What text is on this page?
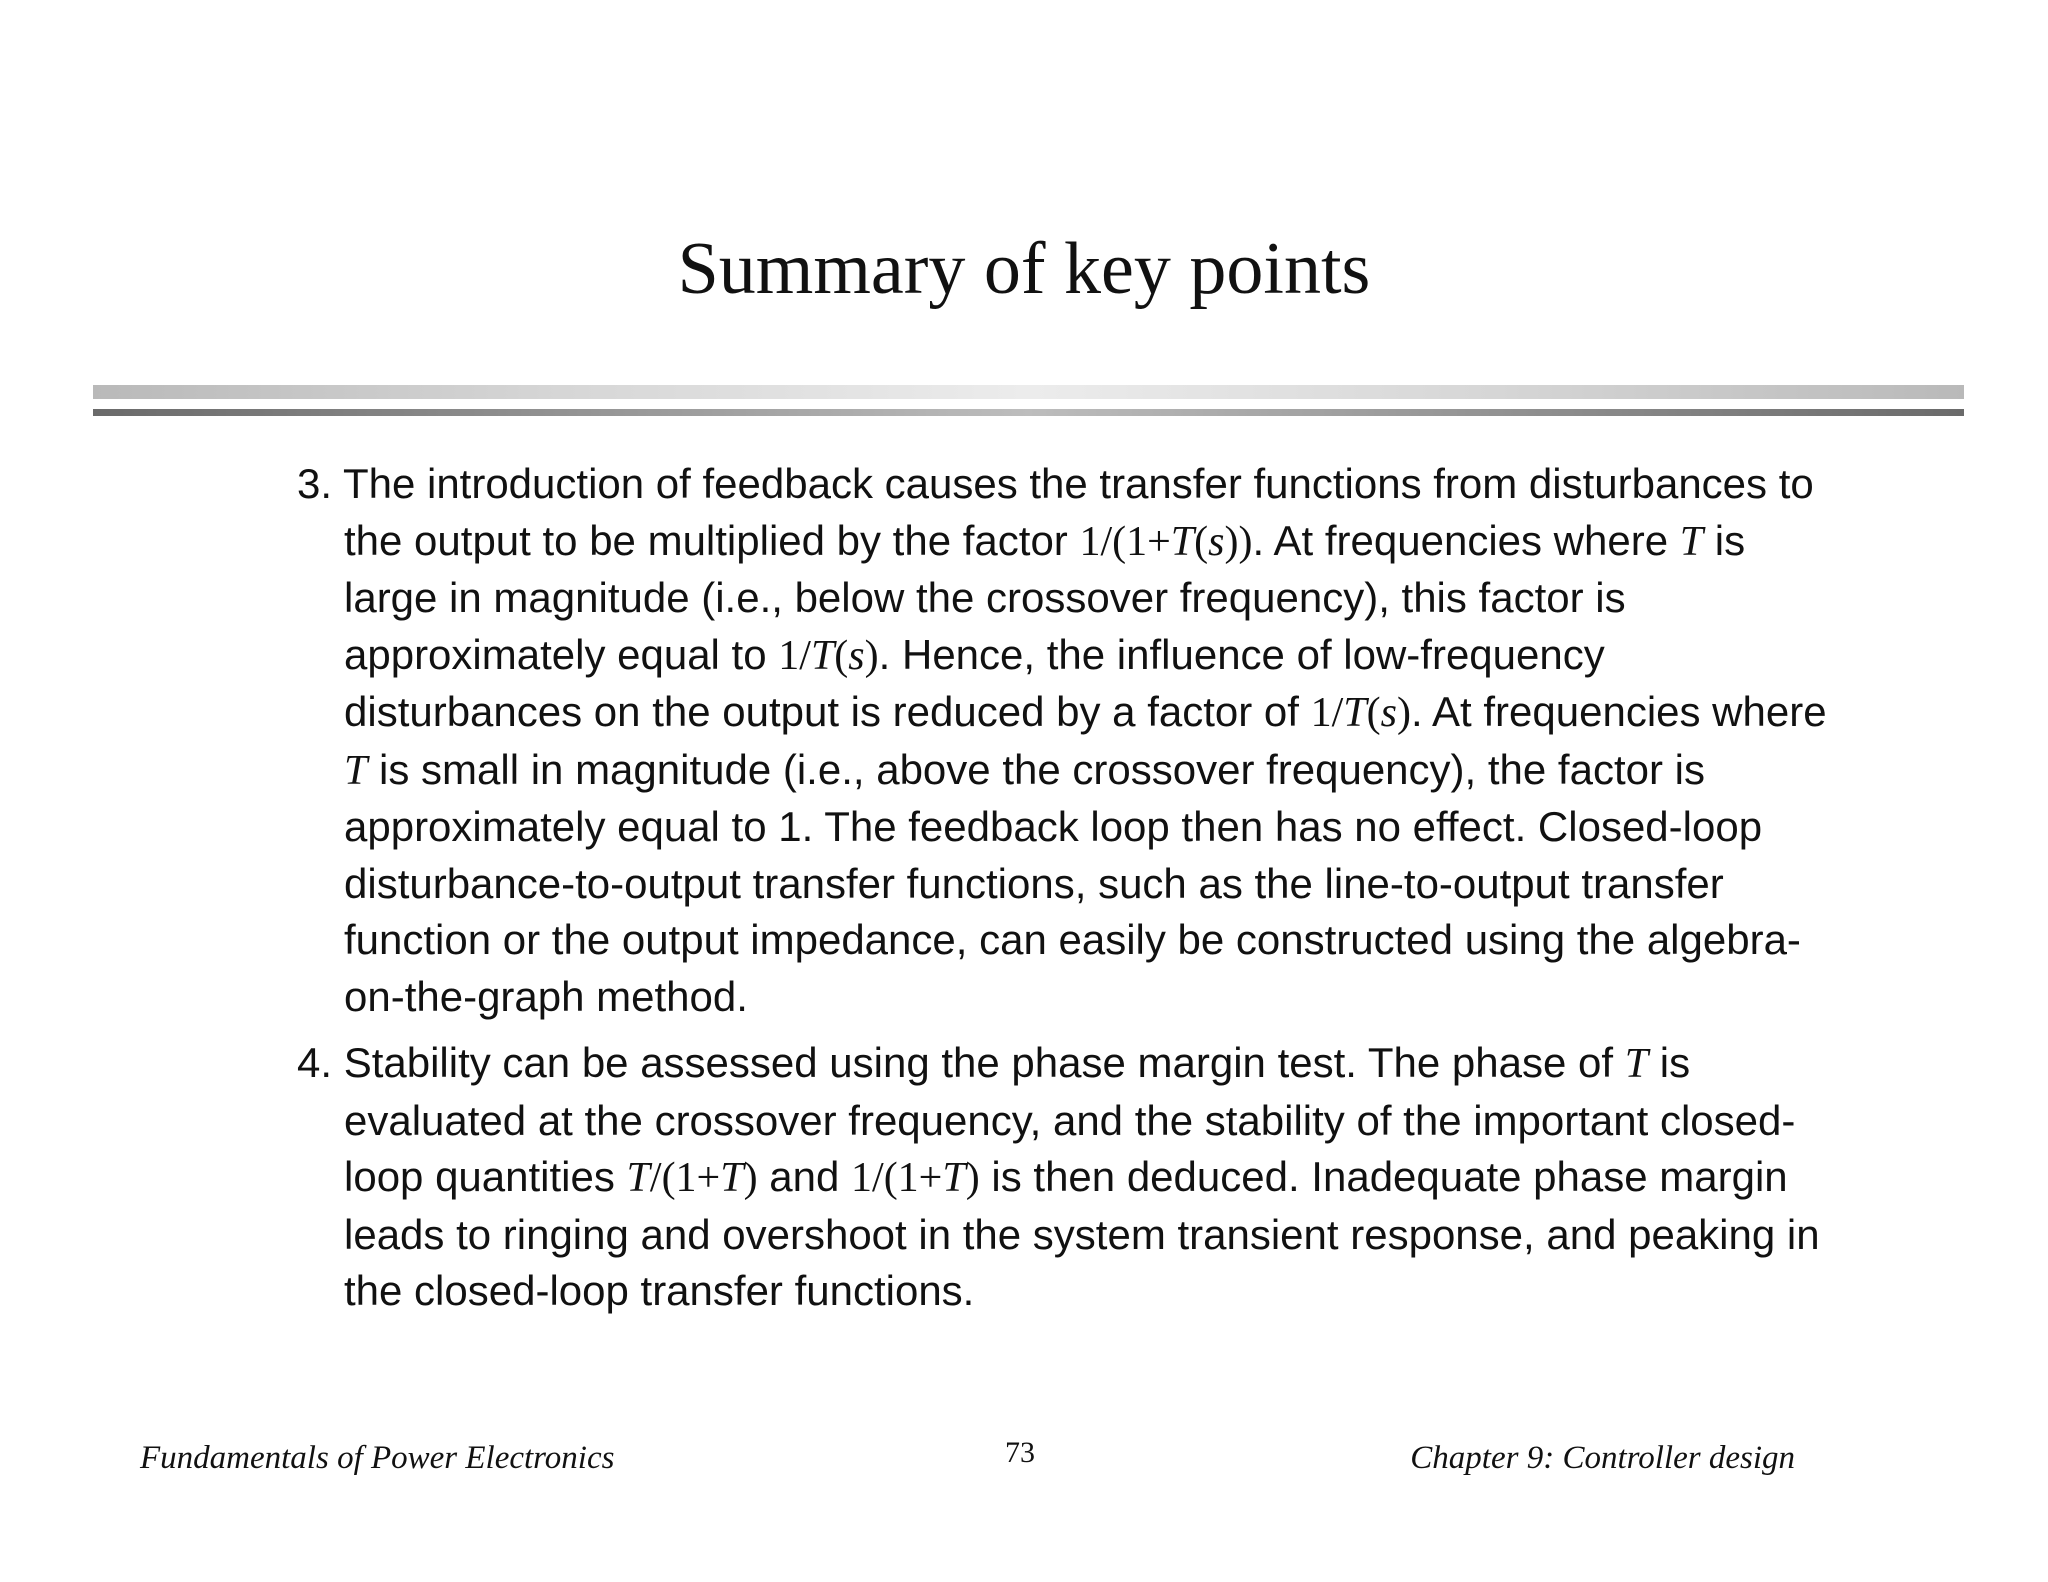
Summary of key points

3. The introduction of feedback causes the transfer functions from disturbances to the output to be multiplied by the factor 1/(1+T(s)). At frequencies where T is large in magnitude (i.e., below the crossover frequency), this factor is approximately equal to 1/T(s). Hence, the influence of low-frequency disturbances on the output is reduced by a factor of 1/T(s). At frequencies where T is small in magnitude (i.e., above the crossover frequency), the factor is approximately equal to 1. The feedback loop then has no effect. Closed-loop disturbance-to-output transfer functions, such as the line-to-output transfer function or the output impedance, can easily be constructed using the algebra-on-the-graph method.

4. Stability can be assessed using the phase margin test. The phase of T is evaluated at the crossover frequency, and the stability of the important closed-loop quantities T/(1+T) and 1/(1+T) is then deduced. Inadequate phase margin leads to ringing and overshoot in the system transient response, and peaking in the closed-loop transfer functions.

Fundamentals of Power Electronics	73	Chapter 9: Controller design
